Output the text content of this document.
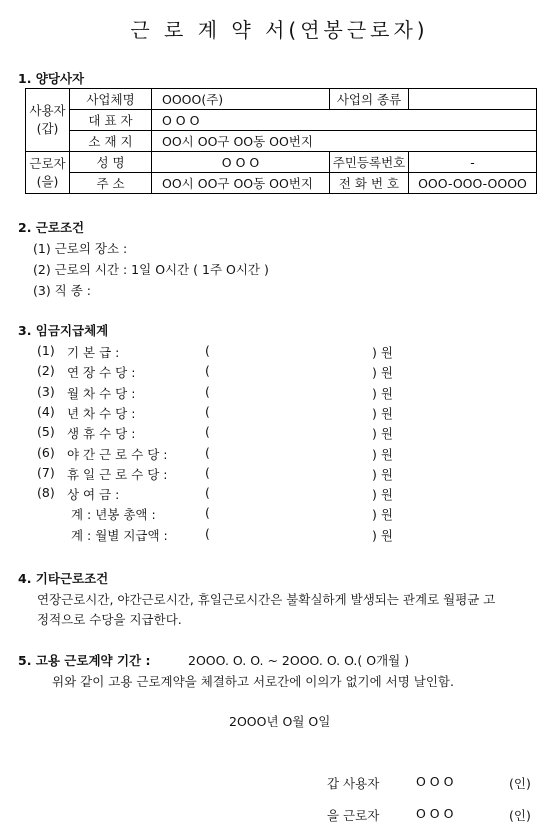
근 로 계 약 서(연봉근로자)
1. 양당사자
사용자
(갑)	사업체명	OOOO(주)	사업의 종류	
	대 표 자	O O O		
	소 재 지	OO시 OO구 OO동 OO번지		

근로자
(을)	성 명	O O O	주민등록번호	-
	주 소	OO시 OO구 OO동 OO번지	전 화 번 호	OOO-OOO-OOOO
2. 근로조건
(1) 근로의 장소 :
(2) 근로의 시간 : 1일 O시간 ( 1주 O시간 )
(3) 직 종 :
3. 임금지급체계
(1) 기 본 급 :	(	) 원
(2) 연 장 수 당 :	(	) 원
(3) 월 차 수 당 :	(	) 원
(4) 년 차 수 당 :	(	) 원
(5) 생 휴 수 당 :	(	) 원
(6) 야 간 근 로 수 당 :	(	) 원
(7) 휴 일 근 로 수 당 :	(	) 원
(8) 상 여 금 :	(	) 원
계 : 년봉 총액 :	(	) 원
계 : 월별 지급액 :	(	) 원
4. 기타근로조건
연장근로시간, 야간근로시간, 휴일근로시간은 불확실하게 발생되는 관계로 월평균 고
정적으로 수당을 지급한다.
5. 고용 근로계약 기간 :	2OOO. O. O. ~ 2OOO. O. O.( O개월 )
위와 같이 고용 근로계약을 체결하고 서로간에 이의가 없기에 서명 날인함.
2OOO년 O월 O일
갑 사용자	O O O	(인)
을 근로자	O O O	(인)
